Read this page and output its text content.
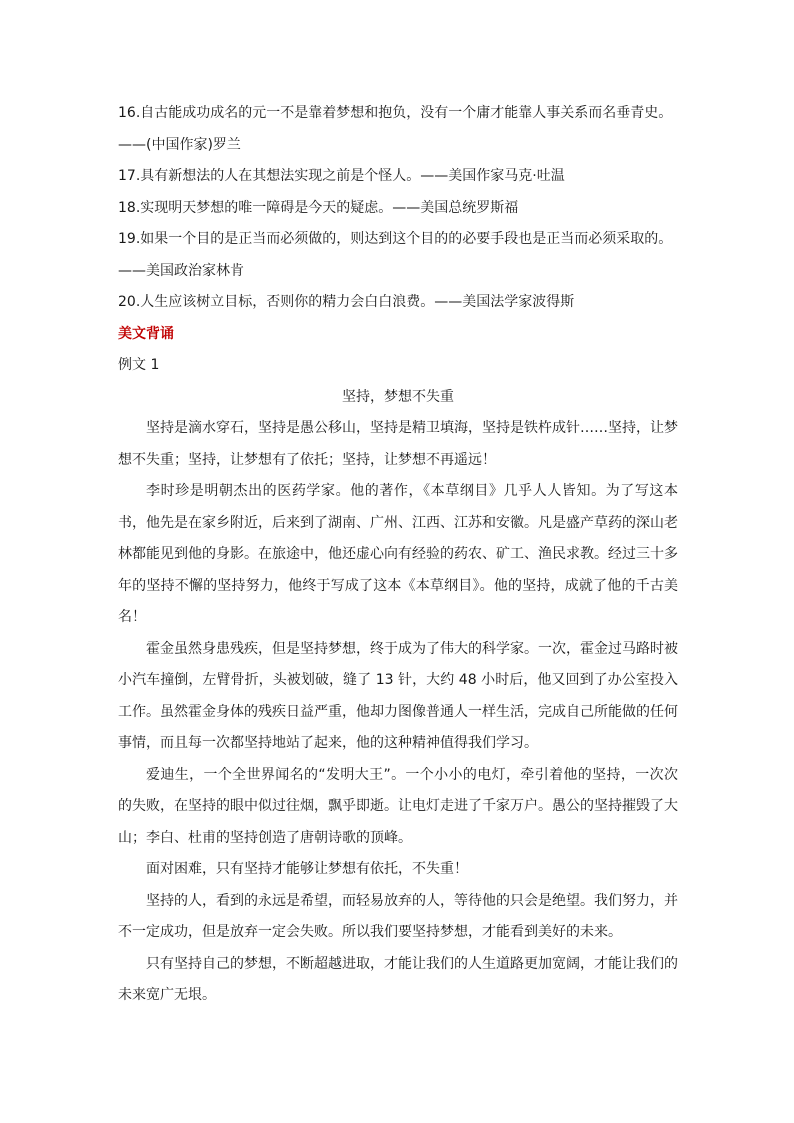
16.自古能成功成名的元一不是靠着梦想和抱负，没有一个庸才能靠人事关系而名垂青史。
——(中国作家)罗兰
17.具有新想法的人在其想法实现之前是个怪人。——美国作家马克·吐温
18.实现明天梦想的唯一障碍是今天的疑虑。——美国总统罗斯福
19.如果一个目的是正当而必须做的，则达到这个目的的必要手段也是正当而必须采取的。
——美国政治家林肯
20.人生应该树立目标，否则你的精力会白白浪费。——美国法学家波得斯
美文背诵
例文 1
坚持，梦想不失重

坚持是滴水穿石，坚持是愚公移山，坚持是精卫填海，坚持是铁杵成针……坚持，让梦想不失重；坚持，让梦想有了依托；坚持，让梦想不再遥远！

李时珍是明朝杰出的医药学家。他的著作，《本草纲目》几乎人人皆知。为了写这本书，他先是在家乡附近，后来到了湖南、广州、江西、江苏和安徽。凡是盛产草药的深山老林都能见到他的身影。在旅途中，他还虚心向有经验的药农、矿工、渔民求教。经过三十多年的坚持不懈的坚持努力，他终于写成了这本《本草纲目》。他的坚持，成就了他的千古美名！

霍金虽然身患残疾，但是坚持梦想，终于成为了伟大的科学家。一次，霍金过马路时被小汽车撞倒，左臂骨折，头被划破，缝了 13 针，大约 48 小时后，他又回到了办公室投入工作。虽然霍金身体的残疾日益严重，他却力图像普通人一样生活，完成自己所能做的任何事情，而且每一次都坚持地站了起来，他的这种精神值得我们学习。

爱迪生，一个全世界闻名的“发明大王”。一个小小的电灯，牵引着他的坚持，一次次的失败，在坚持的眼中似过往烟，飘乎即逝。让电灯走进了千家万户。愚公的坚持摧毁了大山；李白、杜甫的坚持创造了唐朝诗歌的顶峰。

面对困难，只有坚持才能够让梦想有依托，不失重！

坚持的人，看到的永远是希望，而轻易放弃的人，等待他的只会是绝望。我们努力，并不一定成功，但是放弃一定会失败。所以我们要坚持梦想，才能看到美好的未来。

只有坚持自己的梦想，不断超越进取，才能让我们的人生道路更加宽阔，才能让我们的未来宽广无垠。
